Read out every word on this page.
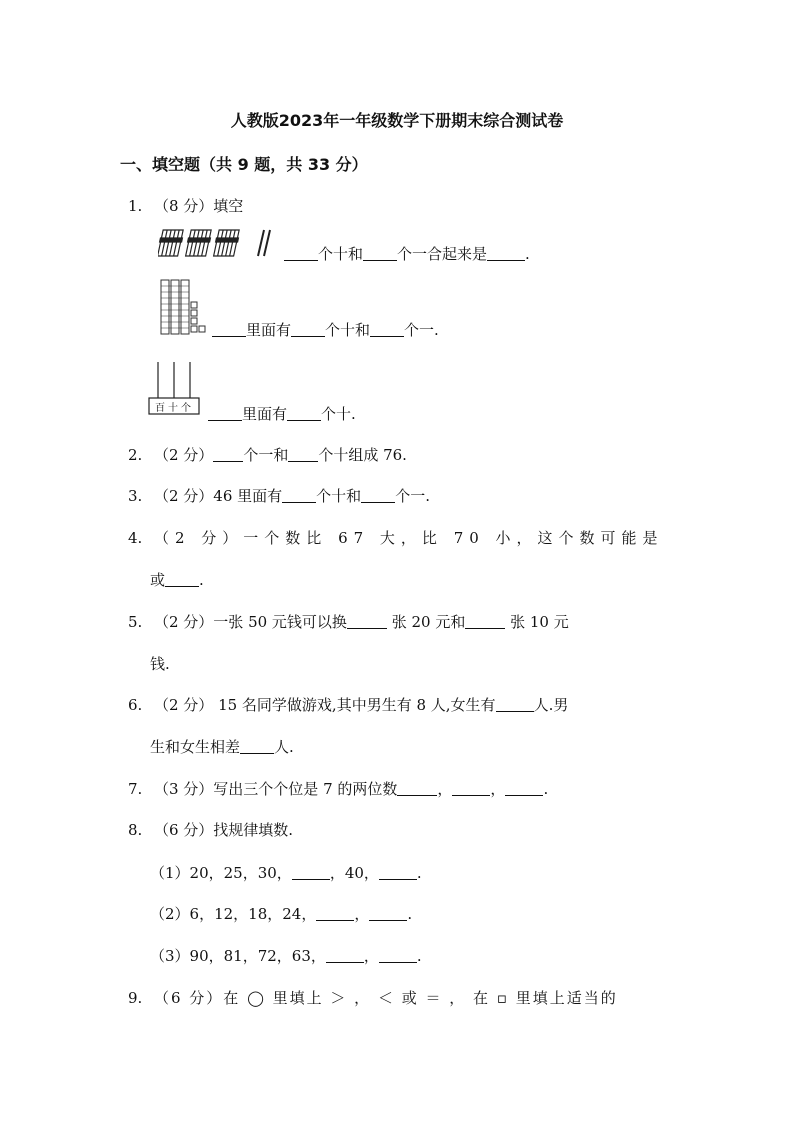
人教版2023年一年级数学下册期末综合测试卷
一、填空题（共 9 题，共 33 分）
1. （8 分）填空
个十和 个一合起来是	.
里面有 个十和 个一.
百十个	里面有 个十.
2. （2 分） 个一和 个十组成 76.
3. （2 分）46 里面有 个十和 个一.
4. （2 分）一个数比 67 大，比 70 小，这个数可能是
或 .
5. （2 分）一张 50 元钱可以换	张 20 元和	张 10 元
钱.
6. （2 分） 15 名同学做游戏,其中男生有 8 人,女生有	人.男
生和女生相差 人.
7. （3 分）写出三个个位是 7 的两位数	，	，	.
8. （6 分）找规律填数.
（1）20，25，30，	，40，	.
（2）6，12，18，24，	，	.
（3）90，81，72，63，	，	.
9. （6 分）在 ◯ 里填上 ＞ ， ＜ 或 ＝ ， 在 ▫ 里填上适当的
